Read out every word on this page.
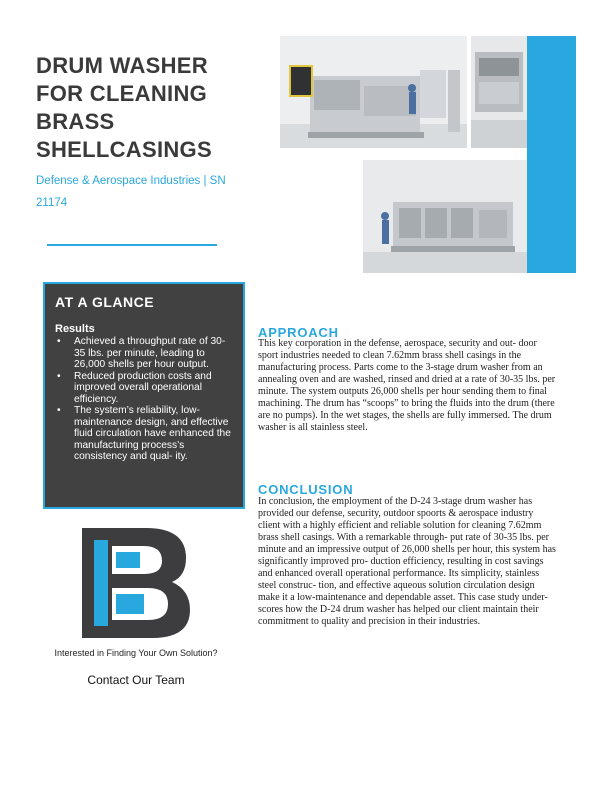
DRUM WASHER
FOR CLEANING
BRASS
SHELLCASINGS
Defense & Aerospace Industries | SN 21174
AT A GLANCE
Results
• Achieved a throughput rate of 30-35 lbs. per minute, leading to 26,000 shells per hour output.
• Reduced production costs and improved overall operational efficiency.
• The system’s reliability, low-maintenance design, and effective fluid circulation have enhanced the manufacturing process’s consistency and qual- ity.
Interested in Finding Your Own Solution?
Contact Our Team
APPROACH

This key corporation in the defense, aerospace, security and out- door sport industries needed to clean 7.62mm brass shell casings in the manufacturing process. Parts come to the 3-stage drum washer from an annealing oven and are washed, rinsed and dried at a rate of 30-35 lbs. per minute. The system outputs 26,000 shells per hour sending them to final machining. The drum has “scoops” to bring the fluids into the drum (there are no pumps). In the wet stages, the shells are fully immersed. The drum washer is all stainless steel.

CONCLUSION

In conclusion, the employment of the D-24 3-stage drum washer has provided our defense, security, outdoor spoorts & aerospace industry client with a highly efficient and reliable solution for cleaning 7.62mm brass shell casings. With a remarkable through- put rate of 30-35 lbs. per minute and an impressive output of 26,000 shells per hour, this system has significantly improved pro- duction efficiency, resulting in cost savings and enhanced overall operational performance. Its simplicity, stainless steel construc- tion, and effective aqueous solution circulation design make it a low-maintenance and dependable asset. This case study under- scores how the D-24 drum washer has helped our client maintain their commitment to quality and precision in their industries.
